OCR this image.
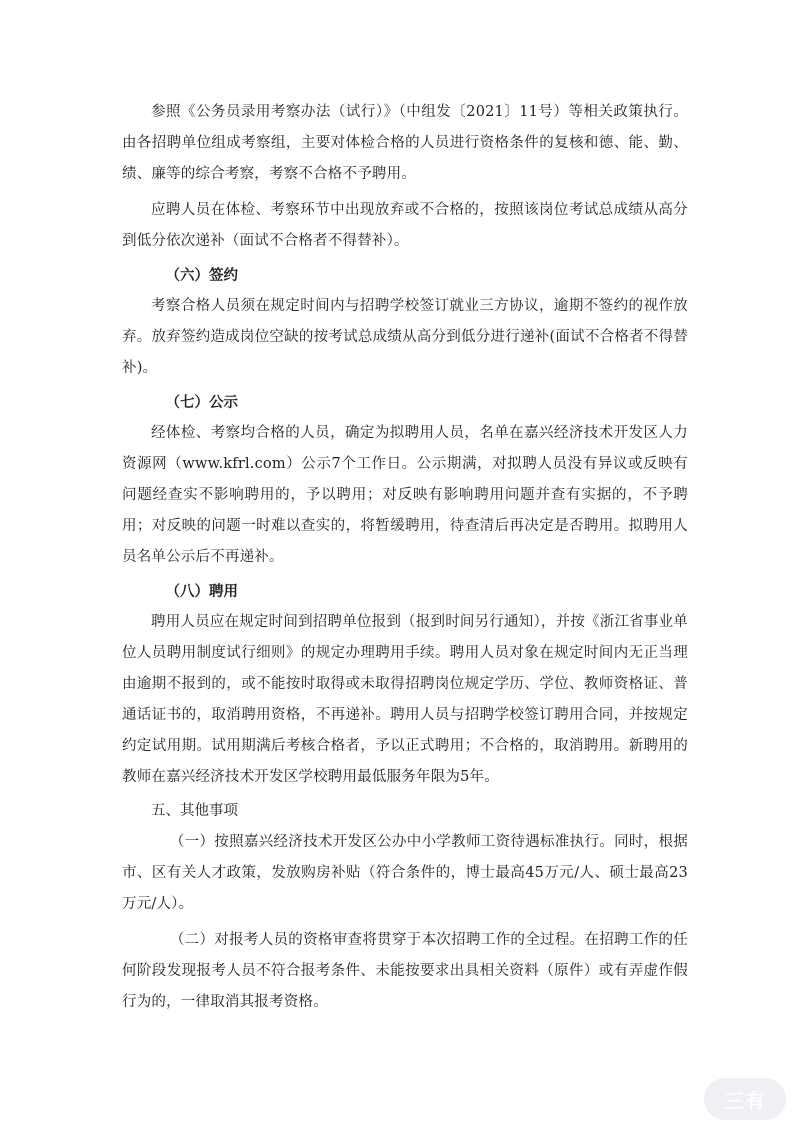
参照《公务员录用考察办法（试行）》（中组发〔2021〕11号）等相关政策执行。由各招聘单位组成考察组，主要对体检合格的人员进行资格条件的复核和德、能、勤、绩、廉等的综合考察，考察不合格不予聘用。

应聘人员在体检、考察环节中出现放弃或不合格的，按照该岗位考试总成绩从高分到低分依次递补（面试不合格者不得替补）。

（六）签约

考察合格人员须在规定时间内与招聘学校签订就业三方协议，逾期不签约的视作放弃。放弃签约造成岗位空缺的按考试总成绩从高分到低分进行递补(面试不合格者不得替补)。

（七）公示

经体检、考察均合格的人员，确定为拟聘用人员，名单在嘉兴经济技术开发区人力资源网（www.kfrl.com）公示7个工作日。公示期满，对拟聘人员没有异议或反映有问题经查实不影响聘用的，予以聘用；对反映有影响聘用问题并查有实据的，不予聘用；对反映的问题一时难以查实的，将暂缓聘用，待查清后再决定是否聘用。拟聘用人员名单公示后不再递补。

（八）聘用

聘用人员应在规定时间到招聘单位报到（报到时间另行通知），并按《浙江省事业单位人员聘用制度试行细则》的规定办理聘用手续。聘用人员对象在规定时间内无正当理由逾期不报到的，或不能按时取得或未取得招聘岗位规定学历、学位、教师资格证、普通话证书的，取消聘用资格，不再递补。聘用人员与招聘学校签订聘用合同，并按规定约定试用期。试用期满后考核合格者，予以正式聘用；不合格的，取消聘用。新聘用的教师在嘉兴经济技术开发区学校聘用最低服务年限为5年。

五、其他事项

（一）按照嘉兴经济技术开发区公办中小学教师工资待遇标准执行。同时，根据市、区有关人才政策，发放购房补贴（符合条件的，博士最高45万元/人、硕士最高23万元/人）。

（二）对报考人员的资格审查将贯穿于本次招聘工作的全过程。在招聘工作的任何阶段发现报考人员不符合报考条件、未能按要求出具相关资料（原件）或有弄虚作假行为的，一律取消其报考资格。

三有
